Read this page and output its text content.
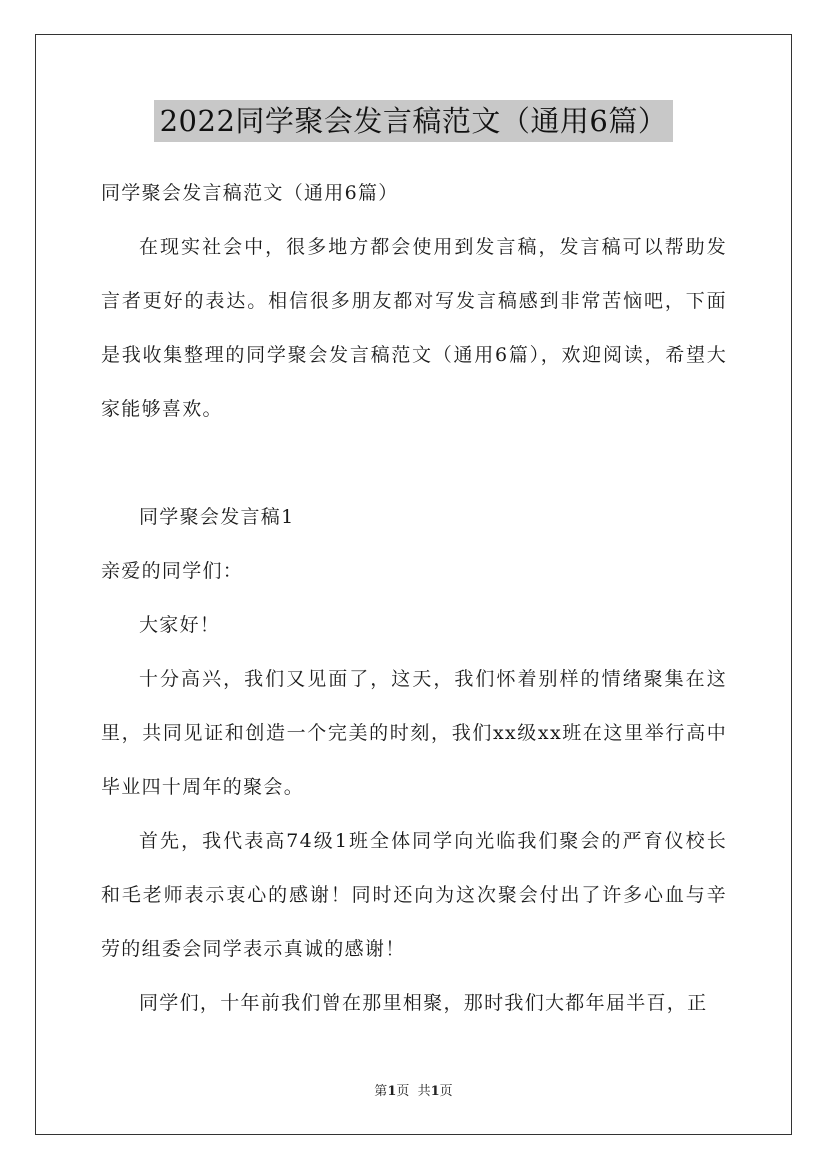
2022同学聚会发言稿范文（通用6篇）

同学聚会发言稿范文（通用6篇）

在现实社会中，很多地方都会使用到发言稿，发言稿可以帮助发言者更好的表达。相信很多朋友都对写发言稿感到非常苦恼吧，下面是我收集整理的同学聚会发言稿范文（通用6篇），欢迎阅读，希望大家能够喜欢。

同学聚会发言稿1

亲爱的同学们：

大家好！

十分高兴，我们又见面了，这天，我们怀着别样的情绪聚集在这里，共同见证和创造一个完美的时刻，我们xx级xx班在这里举行高中毕业四十周年的聚会。

首先，我代表高74级1班全体同学向光临我们聚会的严育仪校长和毛老师表示衷心的感谢！同时还向为这次聚会付出了许多心血与辛劳的组委会同学表示真诚的感谢！

同学们，十年前我们曾在那里相聚，那时我们大都年届半百，正

第1页  共1页
